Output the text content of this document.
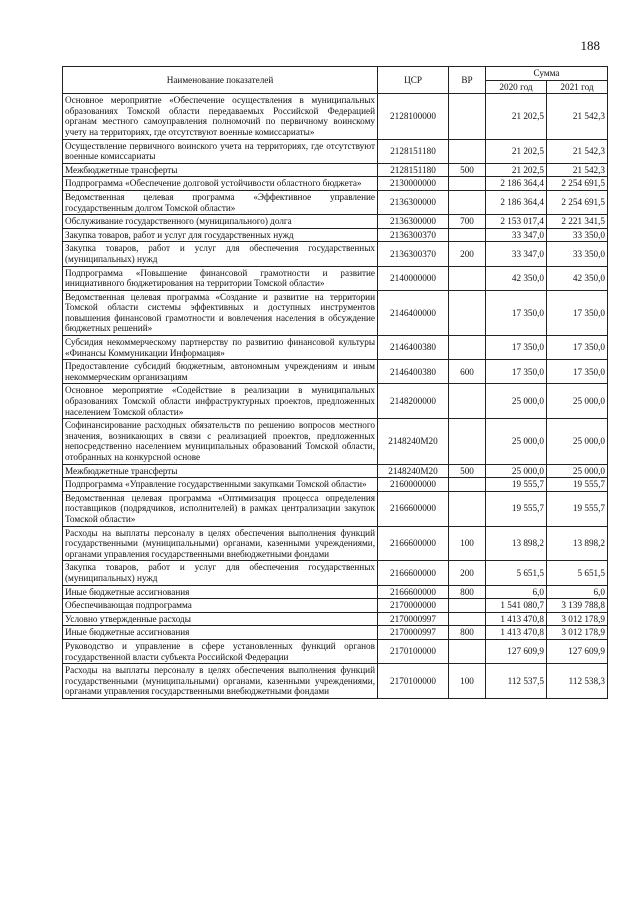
188
Наименование показателей	ЦСР	ВР	Сумма	
			2020 год	2021 год
Основное мероприятие «Обеспечение осуществления в муниципальных образованиях Томской области передаваемых Российской Федерацией органам местного самоуправления полномочий по первичному воинскому учету на территориях, где отсутствуют военные комиссариаты»	2128100000		21 202,5	21 542,3
Осуществление первичного воинского учета на территориях, где отсутствуют военные комиссариаты	2128151180		21 202,5	21 542,3
Межбюджетные трансферты	2128151180	500	21 202,5	21 542,3
Подпрограмма «Обеспечение долговой устойчивости областного бюджета»	2130000000		2 186 364,4	2 254 691,5
Ведомственная целевая программа «Эффективное управление государственным долгом Томской области»	2136300000		2 186 364,4	2 254 691,5
Обслуживание государственного (муниципального) долга	2136300000	700	2 153 017,4	2 221 341,5
Закупка товаров, работ и услуг для государственных нужд	2136300370		33 347,0	33 350,0
Закупка товаров, работ и услуг для обеспечения государственных (муниципальных) нужд	2136300370	200	33 347,0	33 350,0
Подпрограмма «Повышение финансовой грамотности и развитие инициативного бюджетирования на территории Томской области»	2140000000		42 350,0	42 350,0
Ведомственная целевая программа «Создание и развитие на территории Томской области системы эффективных и доступных инструментов повышения финансовой грамотности и вовлечения населения в обсуждение бюджетных решений»	2146400000		17 350,0	17 350,0
Субсидия некоммерческому партнерству по развитию финансовой культуры «Финансы Коммуникации Информация»	2146400380		17 350,0	17 350,0
Предоставление субсидий бюджетным, автономным учреждениям и иным некоммерческим организациям	2146400380	600	17 350,0	17 350,0
Основное мероприятие «Содействие в реализации в муниципальных образованиях Томской области инфраструктурных проектов, предложенных населением Томской области»	2148200000		25 000,0	25 000,0
Софинансирование расходных обязательств по решению вопросов местного значения, возникающих в связи с реализацией проектов, предложенных непосредственно населением муниципальных образований Томской области, отобранных на конкурсной основе	2148240M20		25 000,0	25 000,0
Межбюджетные трансферты	2148240M20	500	25 000,0	25 000,0
Подпрограмма «Управление государственными закупками Томской области»	2160000000		19 555,7	19 555,7
Ведомственная целевая программа «Оптимизация процесса определения поставщиков (подрядчиков, исполнителей) в рамках централизации закупок Томской области»	2166600000		19 555,7	19 555,7
Расходы на выплаты персоналу в целях обеспечения выполнения функций государственными (муниципальными) органами, казенными учреждениями, органами управления государственными внебюджетными фондами	2166600000	100	13 898,2	13 898,2
Закупка товаров, работ и услуг для обеспечения государственных (муниципальных) нужд	2166600000	200	5 651,5	5 651,5
Иные бюджетные ассигнования	2166600000	800	6,0	6,0
Обеспечивающая подпрограмма	2170000000		1 541 080,7	3 139 788,8
Условно утвержденные расходы	2170000997		1 413 470,8	3 012 178,9
Иные бюджетные ассигнования	2170000997	800	1 413 470,8	3 012 178,9
Руководство и управление в сфере установленных функций органов государственной власти субъекта Российской Федерации	2170100000		127 609,9	127 609,9
Расходы на выплаты персоналу в целях обеспечения выполнения функций государственными (муниципальными) органами, казенными учреждениями, органами управления государственными внебюджетными фондами	2170100000	100	112 537,5	112 538,3
